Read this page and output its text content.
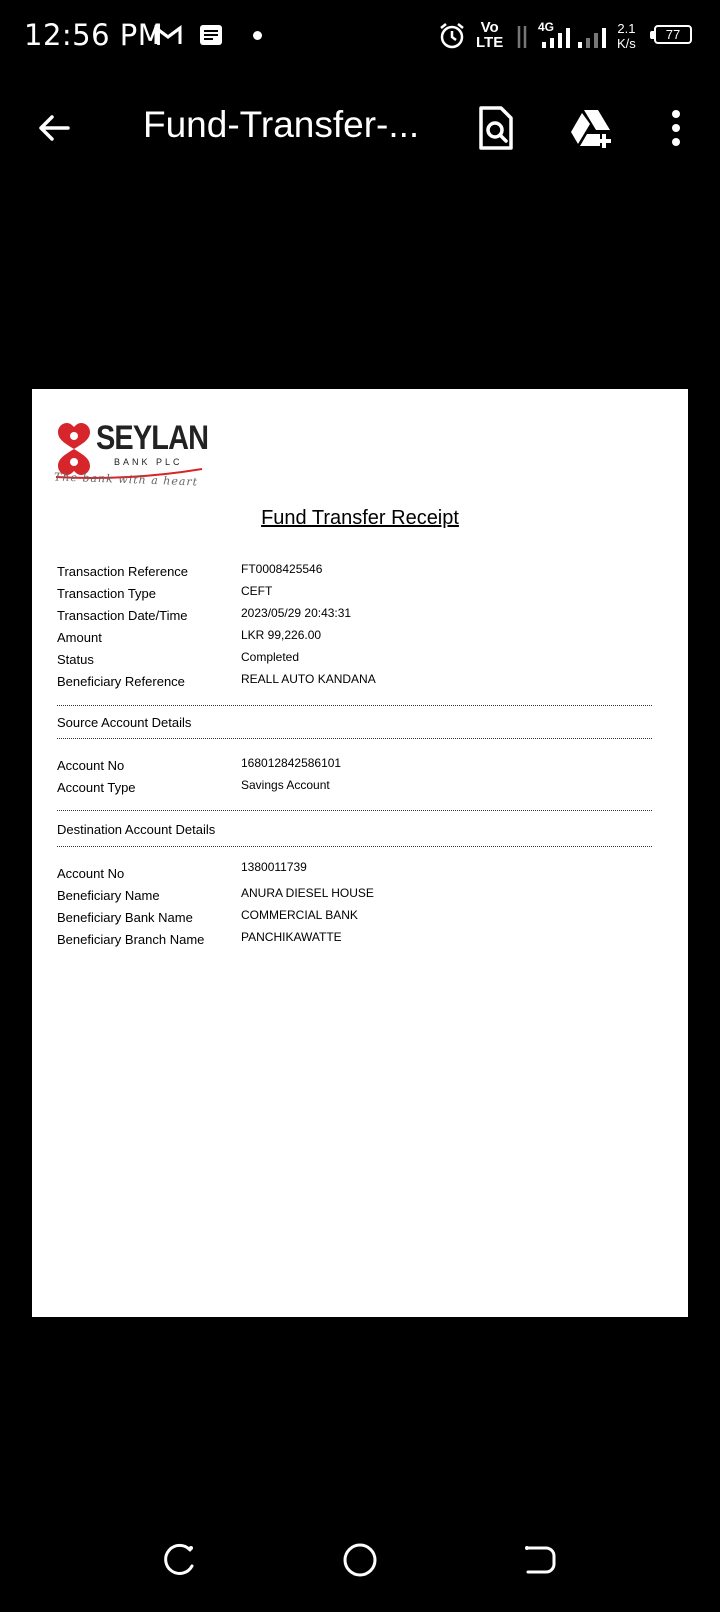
12:56 PM	Vo
LTE
4G	2.1
K/s
77
Fund-Transfer-...
SEYLAN
BANK PLC
The bank with a heart
Fund Transfer Receipt
Transaction Reference	FT0008425546
Transaction Type	CEFT
Transaction Date/Time	2023/05/29 20:43:31
Amount	LKR 99,226.00
Status	Completed
Beneficiary Reference	REALL AUTO KANDANA
Source Account Details
Account No	168012842586101
Account Type	Savings Account
Destination Account Details
Account No	1380011739
Beneficiary Name	ANURA DIESEL HOUSE
Beneficiary Bank Name	COMMERCIAL BANK
Beneficiary Branch Name	PANCHIKAWATTE
